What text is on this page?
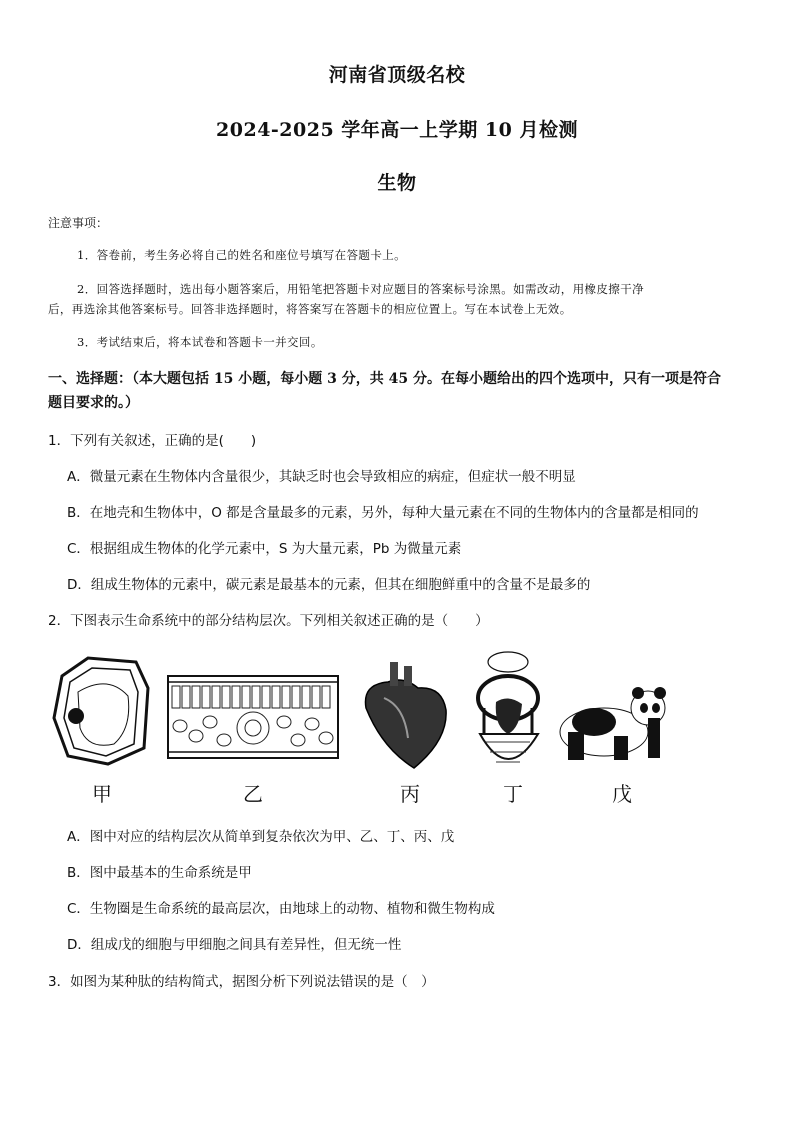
河南省顶级名校
2024-2025 学年高一上学期 10 月检测
生物
注意事项：
1．答卷前，考生务必将自己的姓名和座位号填写在答题卡上。
2．回答选择题时，选出每小题答案后，用铅笔把答题卡对应题目的答案标号涂黑。如需改动，用橡皮擦干净
后，再选涂其他答案标号。回答非选择题时，将答案写在答题卡的相应位置上。写在本试卷上无效。
3．考试结束后，将本试卷和答题卡一并交回。
一、选择题：（本大题包括 15 小题，每小题 3 分，共 45 分。在每小题给出的四个选项中，只有一项是符合
题目要求的。）
1．下列有关叙述，正确的是(　　)
A．微量元素在生物体内含量很少，其缺乏时也会导致相应的病症，但症状一般不明显
B．在地壳和生物体中，O 都是含量最多的元素，另外，每种大量元素在不同的生物体内的含量都是相同的
C．根据组成生物体的化学元素中，S 为大量元素，Pb 为微量元素
D．组成生物体的元素中，碳元素是最基本的元素，但其在细胞鲜重中的含量不是最多的
2．下图表示生命系统中的部分结构层次。下列相关叙述正确的是（　　）
甲	乙	丙	丁	戊
A．图中对应的结构层次从简单到复杂依次为甲、乙、丁、丙、戊
B．图中最基本的生命系统是甲
C．生物圈是生命系统的最高层次，由地球上的动物、植物和微生物构成
D．组成戊的细胞与甲细胞之间具有差异性，但无统一性
3．如图为某种肽的结构简式，据图分析下列说法错误的是（　）
